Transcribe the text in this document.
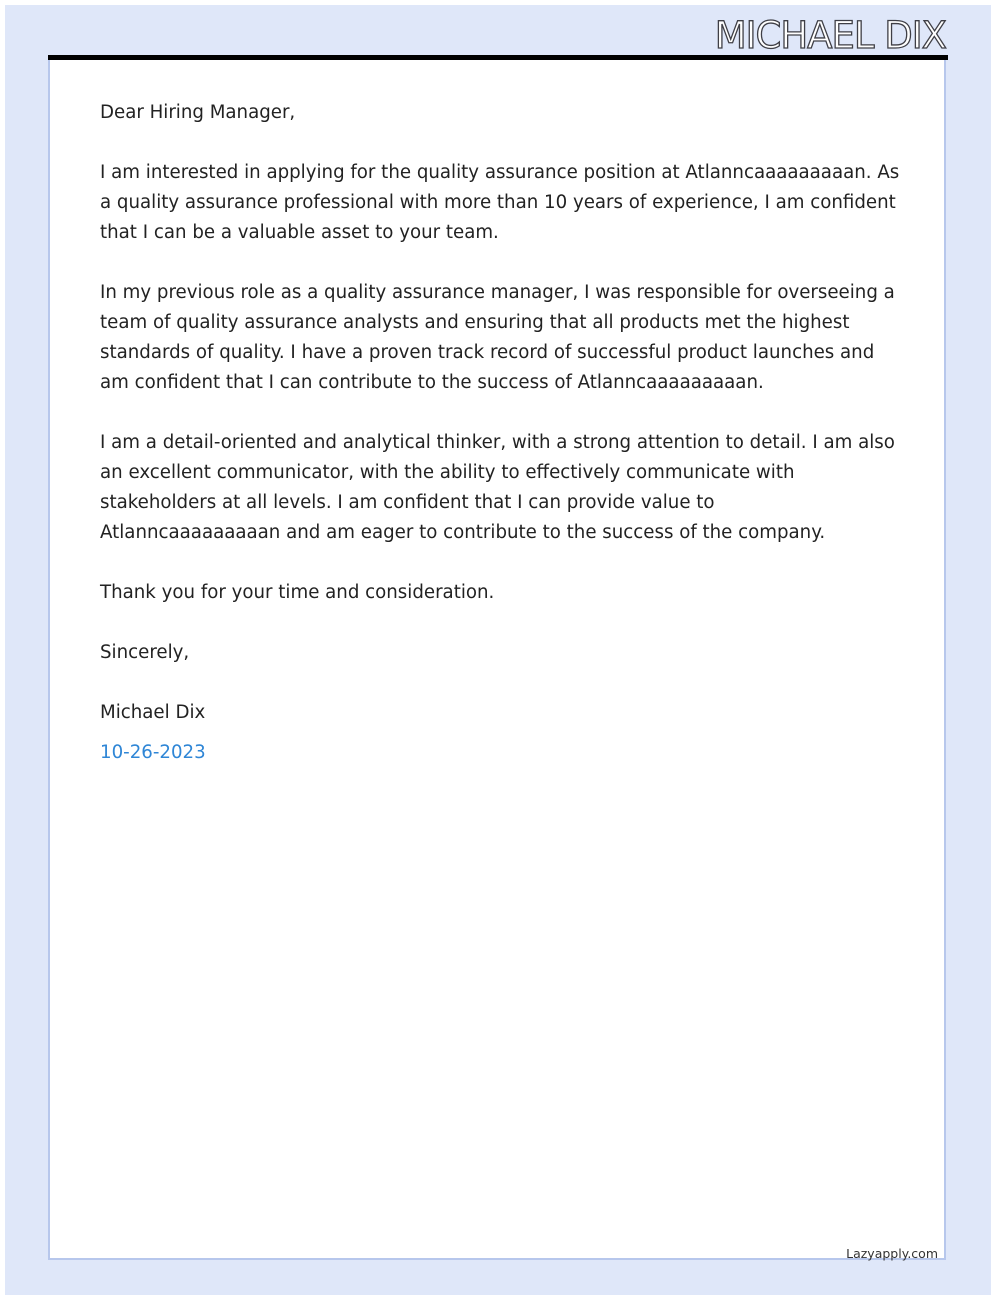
MICHAEL DIX

Dear Hiring Manager,

I am interested in applying for the quality assurance position at Atlanncaaaaaaaaan. As a quality assurance professional with more than 10 years of experience, I am confident that I can be a valuable asset to your team.

In my previous role as a quality assurance manager, I was responsible for overseeing a team of quality assurance analysts and ensuring that all products met the highest standards of quality. I have a proven track record of successful product launches and am confident that I can contribute to the success of Atlanncaaaaaaaaan.

I am a detail-oriented and analytical thinker, with a strong attention to detail. I am also an excellent communicator, with the ability to effectively communicate with stakeholders at all levels. I am confident that I can provide value to Atlanncaaaaaaaaan and am eager to contribute to the success of the company.

Thank you for your time and consideration.

Sincerely,

Michael Dix

10-26-2023

Lazyapply.com
